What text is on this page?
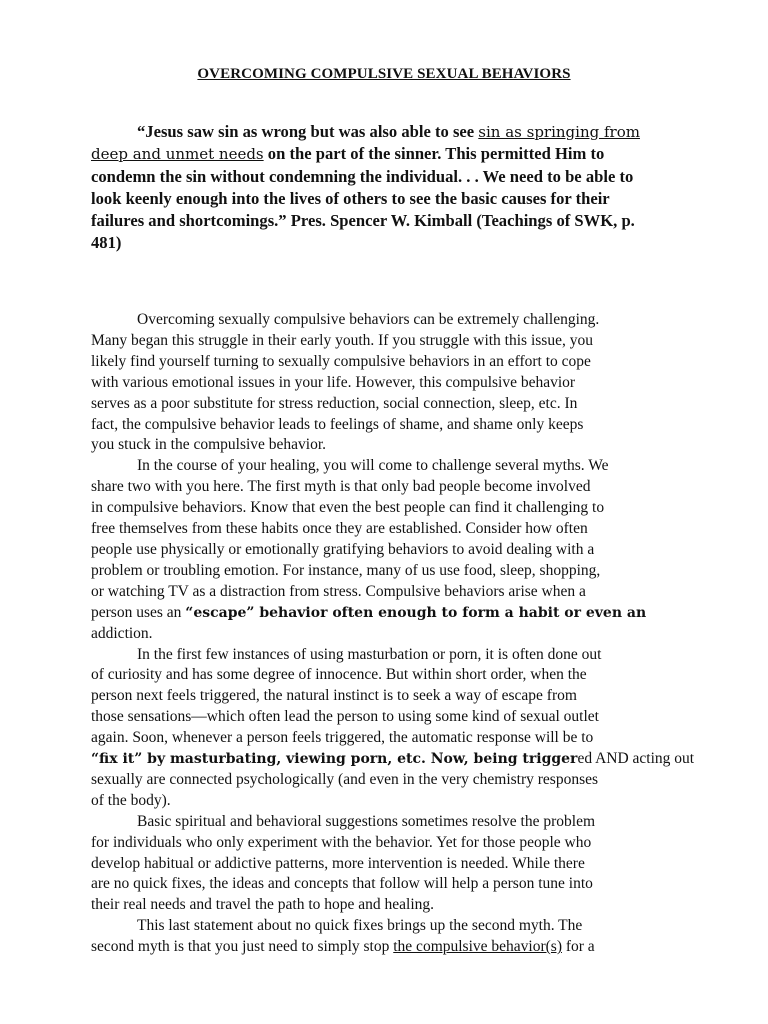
OVERCOMING COMPULSIVE SEXUAL BEHAVIORS
“Jesus saw sin as wrong but was also able to see sin as springing from
deep and unmet needs on the part of the sinner. This permitted Him to
condemn the sin without condemning the individual. . . We need to be able to
look keenly enough into the lives of others to see the basic causes for their
failures and shortcomings.” Pres. Spencer W. Kimball (Teachings of SWK, p.
481)
Overcoming sexually compulsive behaviors can be extremely challenging.
Many began this struggle in their early youth. If you struggle with this issue, you
likely find yourself turning to sexually compulsive behaviors in an effort to cope
with various emotional issues in your life. However, this compulsive behavior
serves as a poor substitute for stress reduction, social connection, sleep, etc. In
fact, the compulsive behavior leads to feelings of shame, and shame only keeps
you stuck in the compulsive behavior.
In the course of your healing, you will come to challenge several myths. We
share two with you here. The first myth is that only bad people become involved
in compulsive behaviors. Know that even the best people can find it challenging to
free themselves from these habits once they are established. Consider how often
people use physically or emotionally gratifying behaviors to avoid dealing with a
problem or troubling emotion. For instance, many of us use food, sleep, shopping,
or watching TV as a distraction from stress. Compulsive behaviors arise when a
person uses an “escape” behavior often enough to form a habit or even an
addiction.
In the first few instances of using masturbation or porn, it is often done out
of curiosity and has some degree of innocence. But within short order, when the
person next feels triggered, the natural instinct is to seek a way of escape from
those sensations—which often lead the person to using some kind of sexual outlet
again. Soon, whenever a person feels triggered, the automatic response will be to
“fix it” by masturbating, viewing porn, etc. Now, being triggered AND acting out
sexually are connected psychologically (and even in the very chemistry responses
of the body).
Basic spiritual and behavioral suggestions sometimes resolve the problem
for individuals who only experiment with the behavior. Yet for those people who
develop habitual or addictive patterns, more intervention is needed. While there
are no quick fixes, the ideas and concepts that follow will help a person tune into
their real needs and travel the path to hope and healing.
This last statement about no quick fixes brings up the second myth. The
second myth is that you just need to simply stop the compulsive behavior(s) for a
